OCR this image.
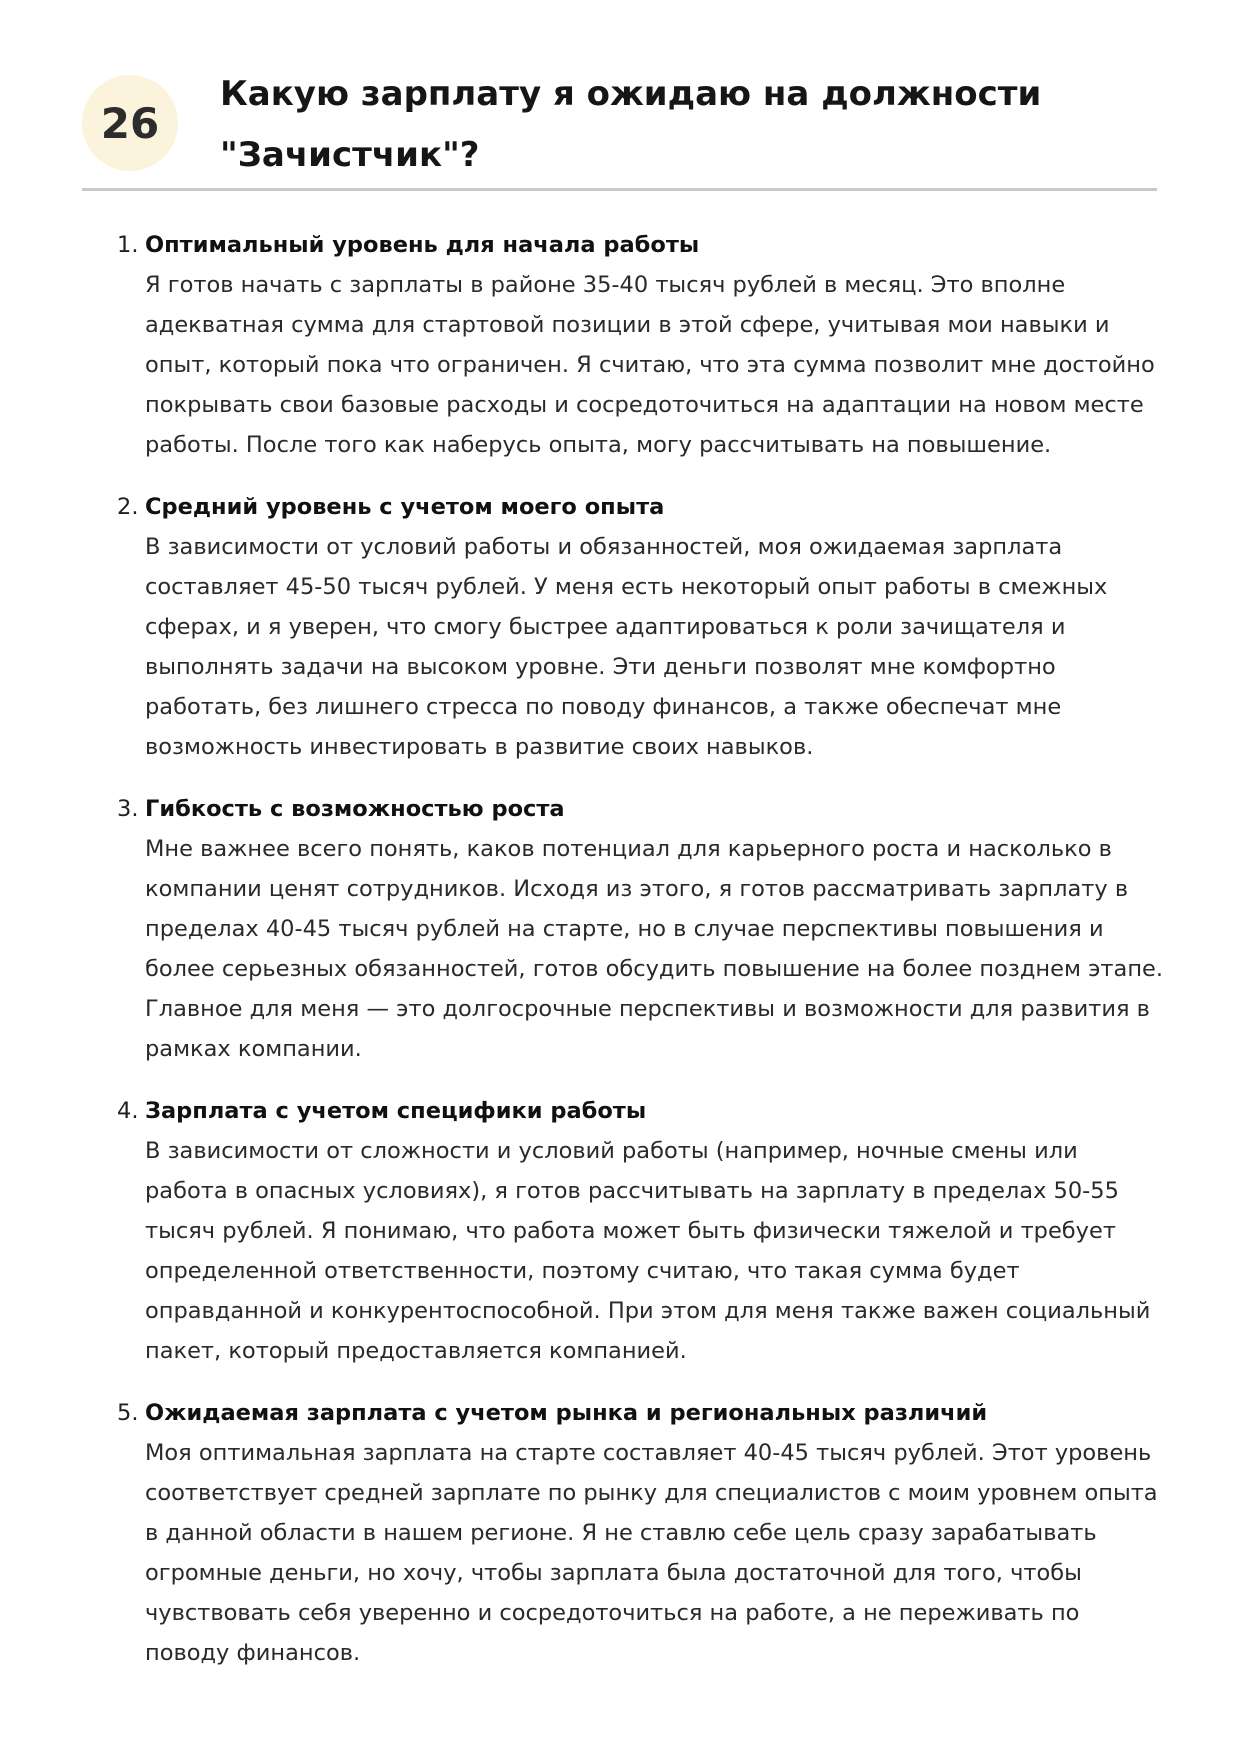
26
Какую зарплату я ожидаю на должности "Зачистчик"?
1. Оптимальный уровень для начала работы

Я готов начать с зарплаты в районе 35-40 тысяч рублей в месяц. Это вполне адекватная сумма для стартовой позиции в этой сфере, учитывая мои навыки и опыт, который пока что ограничен. Я считаю, что эта сумма позволит мне достойно покрывать свои базовые расходы и сосредоточиться на адаптации на новом месте работы. После того как наберусь опыта, могу рассчитывать на повышение.

2. Средний уровень с учетом моего опыта

В зависимости от условий работы и обязанностей, моя ожидаемая зарплата составляет 45-50 тысяч рублей. У меня есть некоторый опыт работы в смежных сферах, и я уверен, что смогу быстрее адаптироваться к роли зачищателя и выполнять задачи на высоком уровне. Эти деньги позволят мне комфортно работать, без лишнего стресса по поводу финансов, а также обеспечат мне возможность инвестировать в развитие своих навыков.

3. Гибкость с возможностью роста

Мне важнее всего понять, каков потенциал для карьерного роста и насколько в компании ценят сотрудников. Исходя из этого, я готов рассматривать зарплату в пределах 40-45 тысяч рублей на старте, но в случае перспективы повышения и более серьезных обязанностей, готов обсудить повышение на более позднем этапе. Главное для меня — это долгосрочные перспективы и возможности для развития в рамках компании.

4. Зарплата с учетом специфики работы

В зависимости от сложности и условий работы (например, ночные смены или работа в опасных условиях), я готов рассчитывать на зарплату в пределах 50-55 тысяч рублей. Я понимаю, что работа может быть физически тяжелой и требует определенной ответственности, поэтому считаю, что такая сумма будет оправданной и конкурентоспособной. При этом для меня также важен социальный пакет, который предоставляется компанией.

5. Ожидаемая зарплата с учетом рынка и региональных различий

Моя оптимальная зарплата на старте составляет 40-45 тысяч рублей. Этот уровень соответствует средней зарплате по рынку для специалистов с моим уровнем опыта в данной области в нашем регионе. Я не ставлю себе цель сразу зарабатывать огромные деньги, но хочу, чтобы зарплата была достаточной для того, чтобы чувствовать себя уверенно и сосредоточиться на работе, а не переживать по поводу финансов.
